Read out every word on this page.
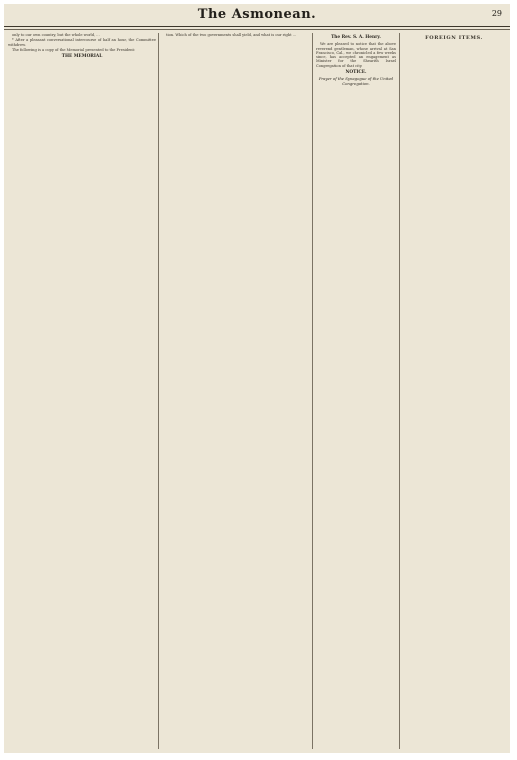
The Asmonean.	29

only to our own country, but the whole world, ...

* After a pleasant conversational intercourse of half an hour, the Committee withdrew.

The following is a copy of the Memorial presented to the President:

THE MEMORIAL

tion. Which of the two governments shall yield, and what is our right ...	The Rev. S. A. Henry.

We are pleased to notice that the above reverend gentleman, whose arrival at San Francisco, Cal., we chronicled a few weeks since, has accepted an engagement as Minister for the Shearith Israel Congregation of that city.

NOTICE.
Prayer of the Synagogue of the United Congregation.
FOREIGN ITEMS.
